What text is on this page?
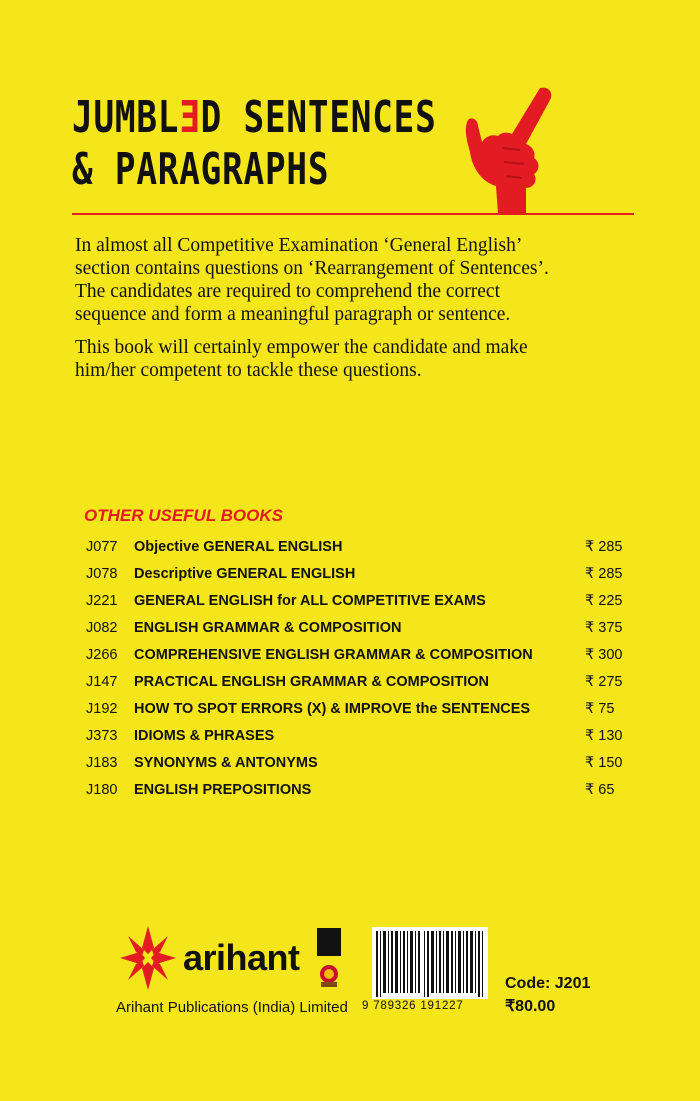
JUMBLED SENTENCES
& PARAGRAPHS

In almost all Competitive Examination ‘General English’ section contains questions on ‘Rearrangement of Sentences’. The candidates are required to comprehend the correct sequence and form a meaningful paragraph or sentence.

This book will certainly empower the candidate and make him/her competent to tackle these questions.

OTHER USEFUL BOOKS
J077 Objective GENERAL ENGLISH	₹ 285
J078 Descriptive GENERAL ENGLISH	₹ 285
J221 GENERAL ENGLISH for ALL COMPETITIVE EXAMS	₹ 225
J082 ENGLISH GRAMMAR & COMPOSITION	₹ 375
J266 COMPREHENSIVE ENGLISH GRAMMAR & COMPOSITION	₹ 300
J147 PRACTICAL ENGLISH GRAMMAR & COMPOSITION	₹ 275
J192 HOW TO SPOT ERRORS (X) & IMPROVE the SENTENCES	₹ 75
J373 IDIOMS & PHRASES	₹ 130
J183 SYNONYMS & ANTONYMS	₹ 150
J180 ENGLISH PREPOSITIONS	₹ 65
arihant
Arihant Publications (India) Limited 9 789326 191227
Code: J201
₹80.00
